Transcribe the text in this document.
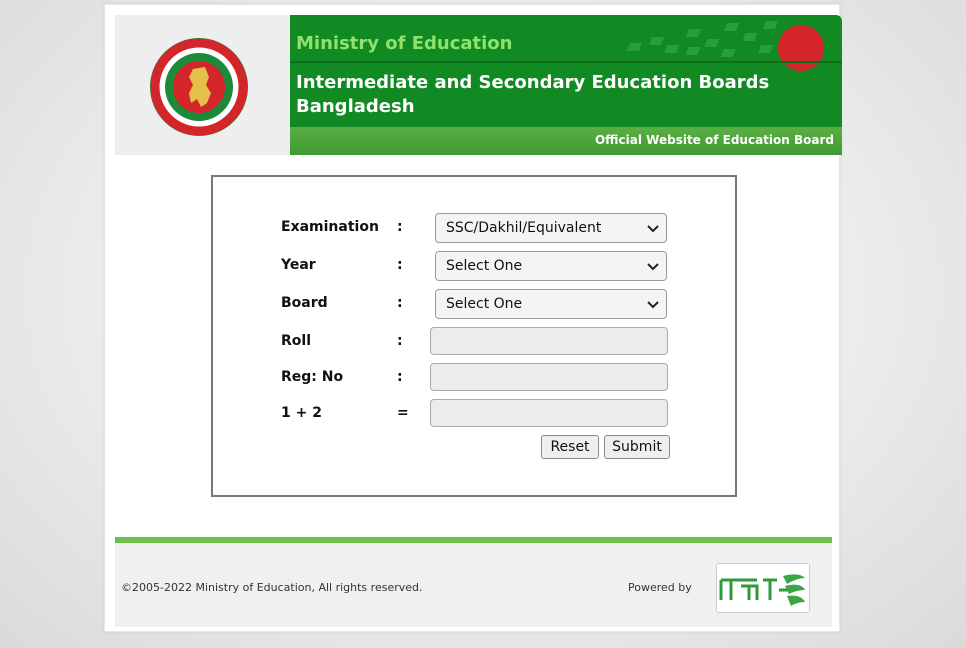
Ministry of Education
Intermediate and Secondary Education Boards Bangladesh
Official Website of Education Board
Examination :	SSC/Dakhil/Equivalent
Year	:	Select One
Board	:	Select One
Roll	:
Reg: No	:
1 + 2	=
Reset	Submit
©2005-2022 Ministry of Education, All rights reserved.	Powered by
